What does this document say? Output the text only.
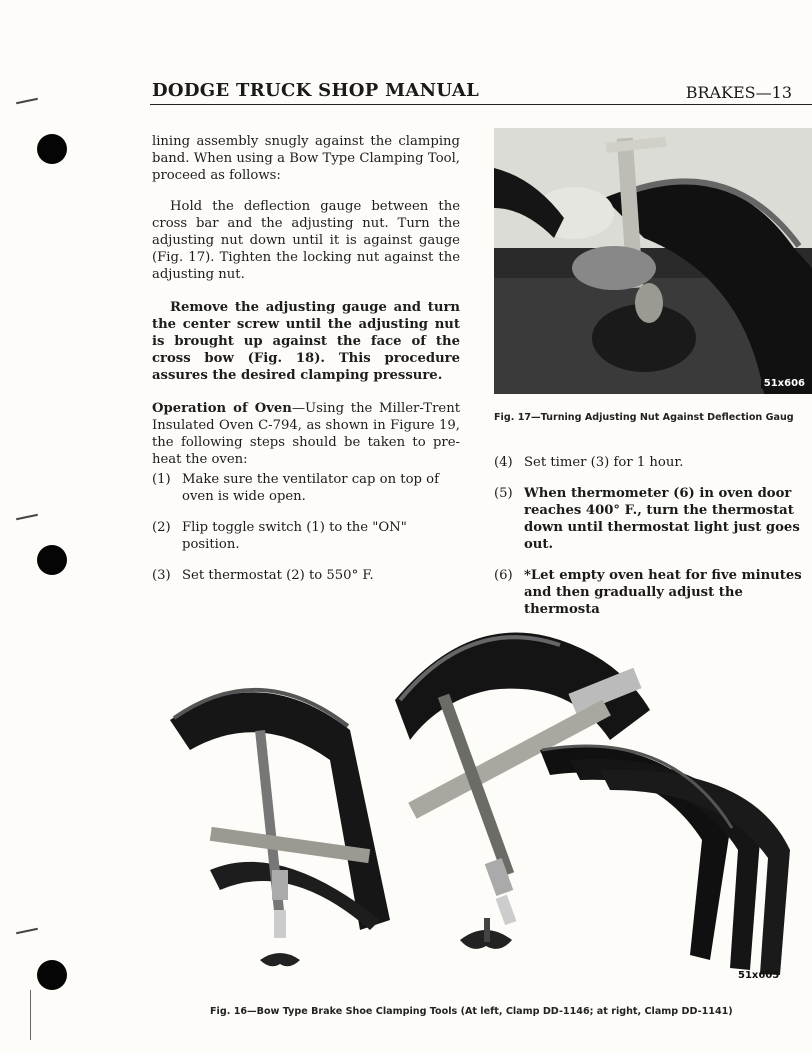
DODGE TRUCK SHOP MANUAL	BRAKES—13

lining assembly snugly against the clamping band. When using a Bow Type Clamping Tool, proceed as follows:

Hold the deflection gauge between the cross bar and the adjusting nut. Turn the adjusting nut down until it is against gauge (Fig. 17). Tighten the locking nut against the adjusting nut.

Remove the adjusting gauge and turn the center screw until the adjusting nut is brought up against the face of the cross bow (Fig. 18). This procedure assures the desired clamping pressure.

Operation of Oven—Using the Miller-Trent Insulated Oven C-794, as shown in Figure 19, the following steps should be taken to pre-heat the oven:

(1) Make sure the ventilator cap on top of oven is wide open.
(2) Flip toggle switch (1) to the "ON" position.
(3) Set thermostat (2) to 550° F.
51x606
Fig. 17—Turning Adjusting Nut Against Deflection Gaug
(4) Set timer (3) for 1 hour.
(5) When thermometer (6) in oven door reaches 400° F., turn the thermostat down until thermostat light just goes out.
(6) *Let empty oven heat for five minutes and then gradually adjust the thermosta
51x605
Fig. 16—Bow Type Brake Shoe Clamping Tools (At left, Clamp DD-1146; at right, Clamp DD-1141)
